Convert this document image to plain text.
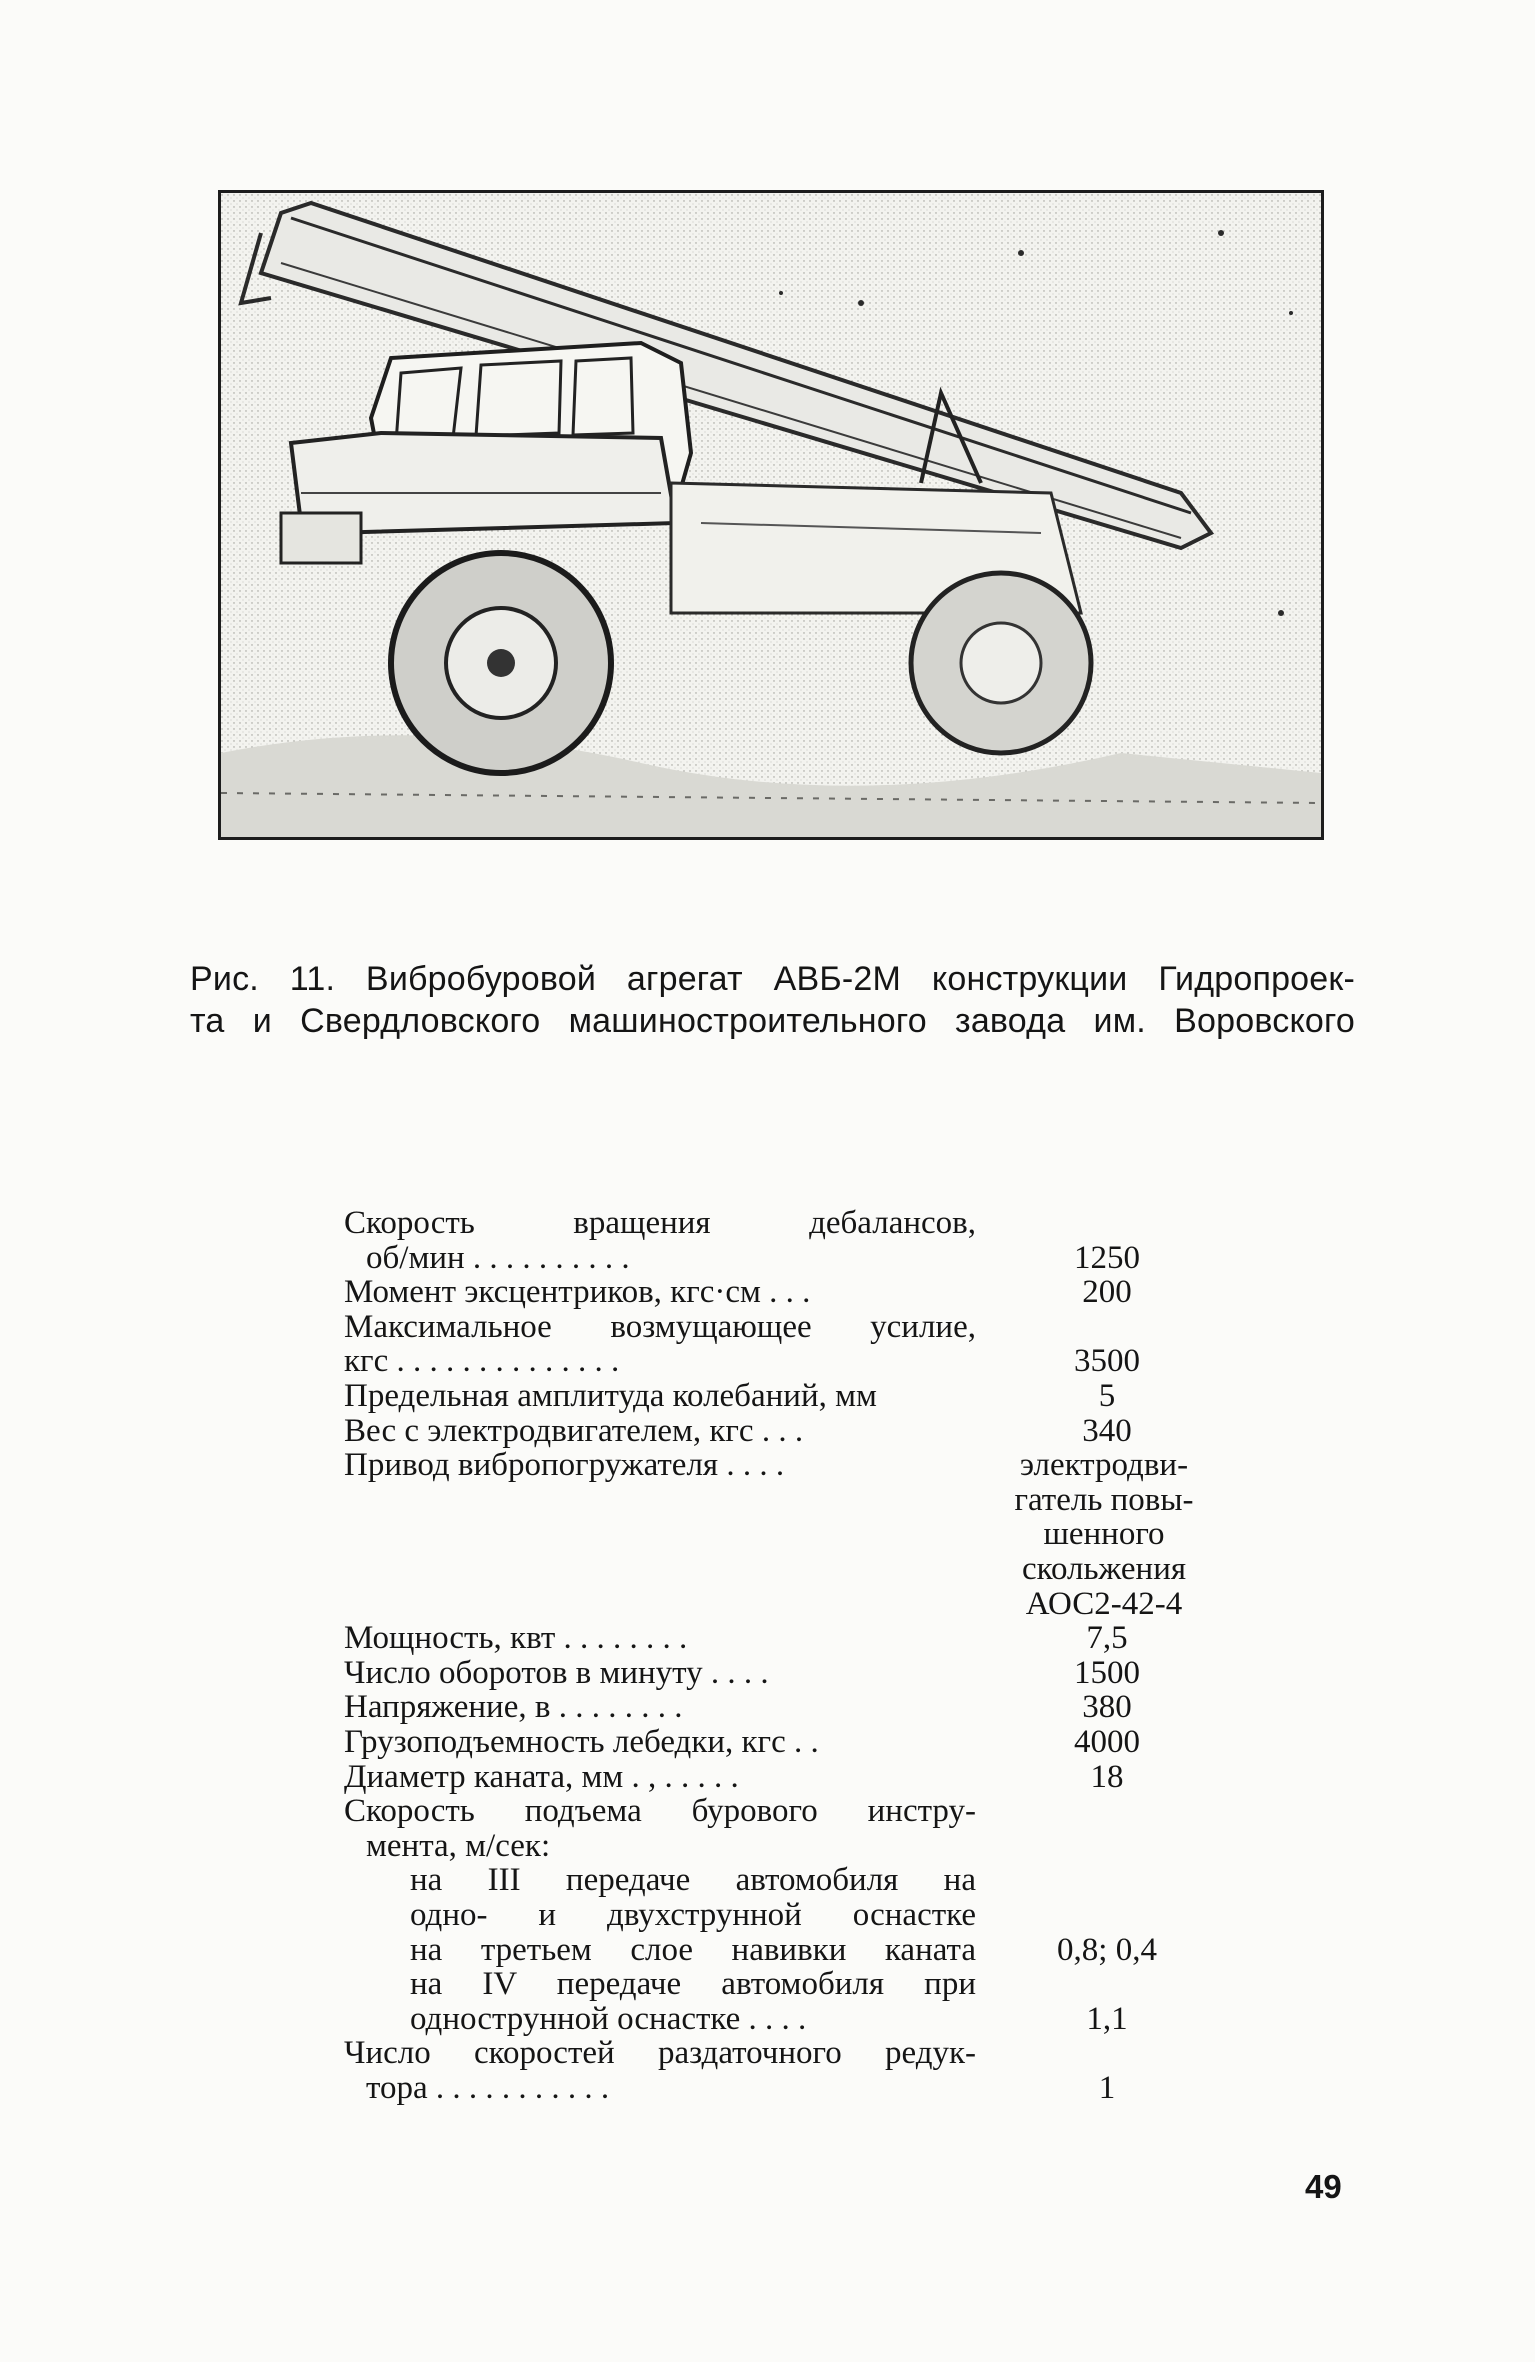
Рис. 11. Вибробуровой агрегат АВБ-2М конструкции Гидропроек-
та и Свердловского машиностроительного завода им. Воровского
Скорость вращения дебалансов,
об/мин . . . . . . . . . .	1250
Момент эксцентриков, кгс·см . . .	200
Максимальное возмущающее усилие,
кгс . . . . . . . . . . . . . .	3500
Предельная амплитуда колебаний, мм	5
Вес с электродвигателем, кгс . . .	340
Привод вибропогружателя . . . .	электродви-
гатель повы-
шенного
скольжения
АОС2-42-4
Мощность, квт . . . . . . . .	7,5
Число оборотов в минуту . . . .	1500
Напряжение, в . . . . . . . .	380
Грузоподъемность лебедки, кгс . .	4000
Диаметр каната, мм . , . . . . .	18
Скорость подъема бурового инстру-
мента, м/сек:
на III передаче автомобиля на
одно- и двухструнной оснастке
на третьем слое навивки каната	0,8; 0,4
на IV передаче автомобиля при
однострунной оснастке . . . .	1,1
Число скоростей раздаточного редук-
тора . . . . . . . . . . .	1
49
